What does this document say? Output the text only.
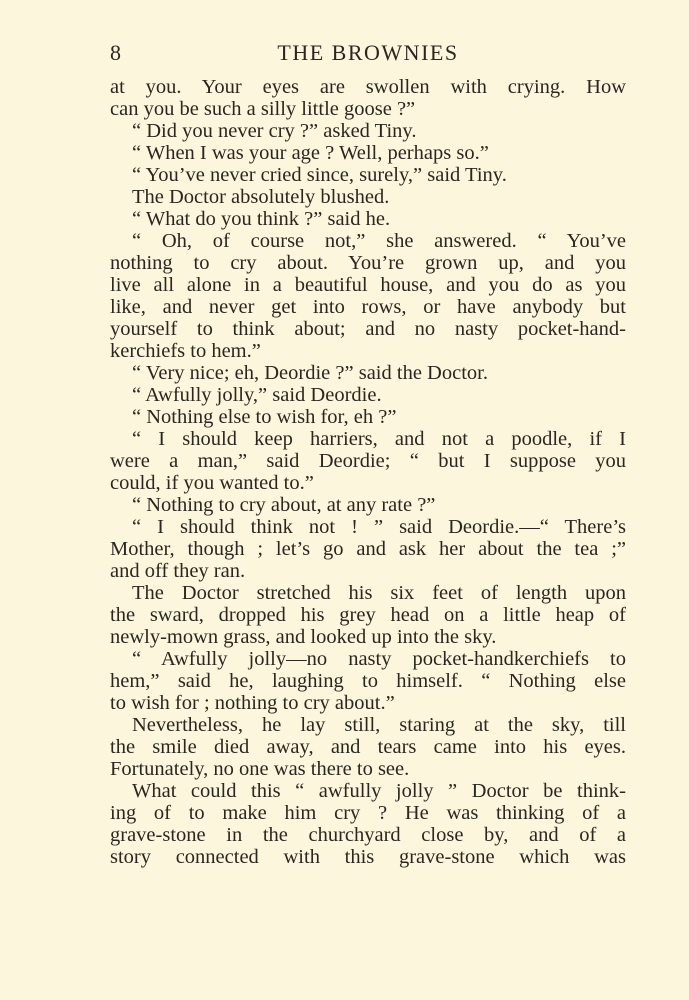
8	THE BROWNIES
at you. Your eyes are swollen with crying. How
can you be such a silly little goose ?”
“ Did you never cry ?” asked Tiny.
“ When I was your age ? Well, perhaps so.”
“ You’ve never cried since, surely,” said Tiny.
The Doctor absolutely blushed.
“ What do you think ?” said he.
“ Oh, of course not,” she answered. “ You’ve
nothing to cry about. You’re grown up, and you
live all alone in a beautiful house, and you do as you
like, and never get into rows, or have anybody but
yourself to think about; and no nasty pocket-hand-
kerchiefs to hem.”
“ Very nice; eh, Deordie ?” said the Doctor.
“ Awfully jolly,” said Deordie.
“ Nothing else to wish for, eh ?”
“ I should keep harriers, and not a poodle, if I
were a man,” said Deordie; “ but I suppose you
could, if you wanted to.”
“ Nothing to cry about, at any rate ?”
“ I should think not ! ” said Deordie.—“ There’s
Mother, though ; let’s go and ask her about the tea ;”
and off they ran.
The Doctor stretched his six feet of length upon
the sward, dropped his grey head on a little heap of
newly-mown grass, and looked up into the sky.
“ Awfully jolly—no nasty pocket-handkerchiefs to
hem,” said he, laughing to himself. “ Nothing else
to wish for ; nothing to cry about.”
Nevertheless, he lay still, staring at the sky, till
the smile died away, and tears came into his eyes.
Fortunately, no one was there to see.
What could this “ awfully jolly ” Doctor be think-
ing of to make him cry ? He was thinking of a
grave-stone in the churchyard close by, and of a
story connected with this grave-stone which was
